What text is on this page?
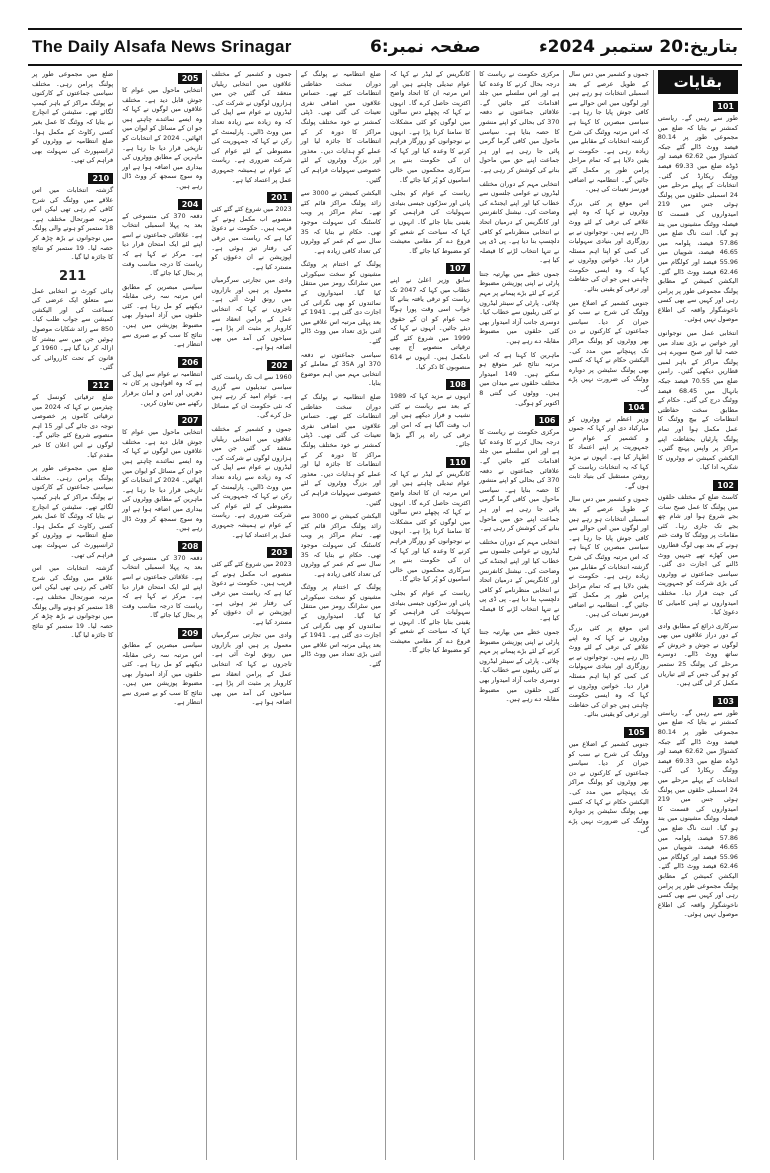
The Daily Alsafa News Srinagar	صفحہ نمبر:6	بتاریخ:20 ستمبر 2024ء
بقایات
101
طور سے رہیں گے۔ ریاستی کمشنر نے بتایا کہ ضلع میں مجموعی طور پر 80.14 فیصد ووٹ ڈالے گئے جبکہ کشتواڑ میں 62.62 فیصد اور ڈوڈہ ضلع میں 69.33 فیصد ووٹنگ ریکارڈ کی گئی۔ انتخابات کے پہلے مرحلے میں 24 اسمبلی حلقوں میں پولنگ ہوئی جس میں 219 امیدواروں کی قسمت کا فیصلہ ووٹنگ مشینوں میں بند ہو گیا۔ اننت ناگ ضلع میں 57.86 فیصد، پلوامہ میں 46.65 فیصد، شوپیاں میں 55.96 فیصد اور کولگام میں 62.46 فیصد ووٹ ڈالے گئے۔ الیکشن کمیشن کے مطابق پولنگ مجموعی طور پر پرامن رہی اور کہیں سے بھی کسی ناخوشگوار واقعہ کی اطلاع موصول نہیں ہوئی۔
انتخابی عمل میں نوجوانوں اور خواتین نے بڑی تعداد میں حصہ لیا اور صبح سویرے ہی پولنگ مراکز کے باہر لمبی قطاریں دیکھی گئیں۔ رامبن ضلع میں 70.55 فیصد جبکہ بانہال میں 68.45 فیصد ووٹنگ درج کی گئی۔ حکام کے مطابق سخت حفاظتی انتظامات کے بیچ ووٹنگ کا عمل مکمل ہوا اور تمام پولنگ پارٹیاں بحفاظت اپنے مراکز پر واپس پہنچ گئیں۔ الیکشن کمیشن نے ووٹروں کا شکریہ ادا کیا۔
102
کاسٹ ضلع کے مختلف حلقوں میں پولنگ کا عمل صبح سات بجے شروع ہوا اور شام چھ بجے تک جاری رہا۔ کئی مقامات پر ووٹنگ کا وقت ختم ہونے کے بعد بھی لوگ قطاروں میں کھڑے تھے جنہیں ووٹ ڈالنے کی اجازت دی گئی۔ سیاسی جماعتوں نے ووٹروں کی بڑی شرکت کو جمہوریت کی جیت قرار دیا۔ مختلف امیدواروں نے اپنی کامیابی کا دعویٰ کیا۔
سرکاری ذرائع کے مطابق وادی کے دور دراز علاقوں میں بھی لوگوں نے جوش و خروش کے ساتھ ووٹ ڈالے۔ دوسرے مرحلے کی پولنگ 25 ستمبر کو ہو گی جس کے لئے تیاریاں مکمل کر لی گئی ہیں۔
103
طور سے رہیں گے۔ ریاستی کمشنر نے بتایا کہ ضلع میں مجموعی طور پر 80.14 فیصد ووٹ ڈالے گئے جبکہ کشتواڑ میں 62.62 فیصد اور ڈوڈہ ضلع میں 69.33 فیصد ووٹنگ ریکارڈ کی گئی۔ انتخابات کے پہلے مرحلے میں 24 اسمبلی حلقوں میں پولنگ ہوئی جس میں 219 امیدواروں کی قسمت کا فیصلہ ووٹنگ مشینوں میں بند ہو گیا۔ اننت ناگ ضلع میں 57.86 فیصد، پلوامہ میں 46.65 فیصد، شوپیاں میں 55.96 فیصد اور کولگام میں 62.46 فیصد ووٹ ڈالے گئے۔ الیکشن کمیشن کے مطابق پولنگ مجموعی طور پر پرامن رہی اور کہیں سے بھی کسی ناخوشگوار واقعہ کی اطلاع موصول نہیں ہوئی۔
جموں و کشمیر میں دس سال کے طویل عرصے کے بعد اسمبلی انتخابات ہو رہے ہیں اور لوگوں میں اس حوالے سے کافی جوش پایا جا رہا ہے۔ سیاسی مبصرین کا کہنا ہے کہ اس مرتبہ ووٹنگ کی شرح گزشتہ انتخابات کے مقابلے میں زیادہ رہی ہے۔ حکومت نے یقین دلایا ہے کہ تمام مراحل پرامن طور پر مکمل کئے جائیں گے۔ انتظامیہ نے اضافی فورسز تعینات کی ہیں۔
اس موقع پر کئی بزرگ ووٹروں نے کہا کہ وہ اپنے علاقے کی ترقی کے لئے ووٹ ڈال رہے ہیں۔ نوجوانوں نے بے روزگاری اور بنیادی سہولیات کی کمی کو اپنا اہم مسئلہ قرار دیا۔ خواتین ووٹروں نے کہا کہ وہ ایسی حکومت چاہتی ہیں جو ان کی حفاظت اور ترقی کو یقینی بنائے۔
جنوبی کشمیر کے اضلاع میں ووٹنگ کی شرح نے سب کو حیران کر دیا۔ سیاسی جماعتوں کے کارکنوں نے دن بھر ووٹروں کو پولنگ مراکز تک پہنچانے میں مدد کی۔ الیکشن حکام نے کہا کہ کسی بھی پولنگ سٹیشن پر دوبارہ ووٹنگ کی ضرورت نہیں پڑے گی۔
104
وزیر اعظم نے ووٹروں کو مبارکباد دی اور کہا کہ جموں و کشمیر کے عوام نے جمہوریت پر اپنے اعتماد کا اظہار کیا ہے۔ انہوں نے مزید کہا کہ یہ انتخابات ریاست کے روشن مستقبل کی بنیاد ثابت ہوں گے۔
جموں و کشمیر میں دس سال کے طویل عرصے کے بعد اسمبلی انتخابات ہو رہے ہیں اور لوگوں میں اس حوالے سے کافی جوش پایا جا رہا ہے۔ سیاسی مبصرین کا کہنا ہے کہ اس مرتبہ ووٹنگ کی شرح گزشتہ انتخابات کے مقابلے میں زیادہ رہی ہے۔ حکومت نے یقین دلایا ہے کہ تمام مراحل پرامن طور پر مکمل کئے جائیں گے۔ انتظامیہ نے اضافی فورسز تعینات کی ہیں۔
اس موقع پر کئی بزرگ ووٹروں نے کہا کہ وہ اپنے علاقے کی ترقی کے لئے ووٹ ڈال رہے ہیں۔ نوجوانوں نے بے روزگاری اور بنیادی سہولیات کی کمی کو اپنا اہم مسئلہ قرار دیا۔ خواتین ووٹروں نے کہا کہ وہ ایسی حکومت چاہتی ہیں جو ان کی حفاظت اور ترقی کو یقینی بنائے۔
105
جنوبی کشمیر کے اضلاع میں ووٹنگ کی شرح نے سب کو حیران کر دیا۔ سیاسی جماعتوں کے کارکنوں نے دن بھر ووٹروں کو پولنگ مراکز تک پہنچانے میں مدد کی۔ الیکشن حکام نے کہا کہ کسی بھی پولنگ سٹیشن پر دوبارہ ووٹنگ کی ضرورت نہیں پڑے گی۔
مرکزی حکومت نے ریاست کا درجہ بحال کرنے کا وعدہ کیا ہے اور اس سلسلے میں جلد اقدامات کئے جائیں گے۔ علاقائی جماعتوں نے دفعہ 370 کی بحالی کو اپنے منشور کا حصہ بنایا ہے۔ سیاسی ماحول میں کافی گرما گرمی پائی جا رہی ہے اور ہر جماعت اپنے حق میں ماحول بنانے کی کوشش کر رہی ہے۔
انتخابی مہم کے دوران مختلف لیڈروں نے عوامی جلسوں سے خطاب کیا اور اپنے ایجنڈے کی وضاحت کی۔ نیشنل کانفرنس اور کانگریس کے درمیان اتحاد نے انتخابی منظرنامے کو کافی دلچسپ بنا دیا ہے۔ پی ڈی پی نے تنہا انتخاب لڑنے کا فیصلہ کیا ہے۔
جموں خطے میں بھارتیہ جنتا پارٹی نے اپنی پوزیشن مضبوط کرنے کے لئے بڑے پیمانے پر مہم چلائی۔ پارٹی کے سینئر لیڈروں نے کئی ریلیوں سے خطاب کیا۔ دوسری جانب آزاد امیدوار بھی کئی حلقوں میں مضبوط مقابلہ دے رہے ہیں۔
ماہرین کا کہنا ہے کہ اس مرتبہ نتائج غیر متوقع ہو سکتے ہیں۔ 149 امیدوار مختلف حلقوں سے میدان میں ہیں۔ ووٹوں کی گنتی 8 اکتوبر کو ہوگی۔
106
مرکزی حکومت نے ریاست کا درجہ بحال کرنے کا وعدہ کیا ہے اور اس سلسلے میں جلد اقدامات کئے جائیں گے۔ علاقائی جماعتوں نے دفعہ 370 کی بحالی کو اپنے منشور کا حصہ بنایا ہے۔ سیاسی ماحول میں کافی گرما گرمی پائی جا رہی ہے اور ہر جماعت اپنے حق میں ماحول بنانے کی کوشش کر رہی ہے۔
انتخابی مہم کے دوران مختلف لیڈروں نے عوامی جلسوں سے خطاب کیا اور اپنے ایجنڈے کی وضاحت کی۔ نیشنل کانفرنس اور کانگریس کے درمیان اتحاد نے انتخابی منظرنامے کو کافی دلچسپ بنا دیا ہے۔ پی ڈی پی نے تنہا انتخاب لڑنے کا فیصلہ کیا ہے۔
جموں خطے میں بھارتیہ جنتا پارٹی نے اپنی پوزیشن مضبوط کرنے کے لئے بڑے پیمانے پر مہم چلائی۔ پارٹی کے سینئر لیڈروں نے کئی ریلیوں سے خطاب کیا۔ دوسری جانب آزاد امیدوار بھی کئی حلقوں میں مضبوط مقابلہ دے رہے ہیں۔
کانگریس کے لیڈر نے کہا کہ عوام تبدیلی چاہتے ہیں اور اس مرتبہ ان کا اتحاد واضح اکثریت حاصل کرے گا۔ انہوں نے کہا کہ پچھلے دس سالوں میں لوگوں کو کئی مشکلات کا سامنا کرنا پڑا ہے۔ انہوں نے نوجوانوں کو روزگار فراہم کرنے کا وعدہ کیا اور کہا کہ ان کی حکومت بننے پر سرکاری محکموں میں خالی اسامیوں کو پُر کیا جائے گا۔
ریاست کے عوام کو بجلی، پانی اور سڑکوں جیسی بنیادی سہولیات کی فراہمی کو یقینی بنایا جائے گا۔ انہوں نے کہا کہ سیاحت کے شعبے کو فروغ دے کر مقامی معیشت کو مضبوط کیا جائے گا۔
107
سابق وزیر اعلیٰ نے اپنے خطاب میں کہا کہ 2047 تک ریاست کو ترقی یافتہ بنانے کا خواب اسی وقت پورا ہوگا جب عوام کو ان کے حقوق دیئے جائیں۔ انہوں نے کہا کہ 1999 میں شروع کئے گئے ترقیاتی منصوبے آج بھی نامکمل ہیں۔ انہوں نے 614 منصوبوں کا ذکر کیا۔
108
انہوں نے مزید کہا کہ 1989 کے بعد سے ریاست نے کئی نشیب و فراز دیکھے ہیں اور اب وقت آگیا ہے کہ امن اور ترقی کی راہ پر آگے بڑھا جائے۔
110
کانگریس کے لیڈر نے کہا کہ عوام تبدیلی چاہتے ہیں اور اس مرتبہ ان کا اتحاد واضح اکثریت حاصل کرے گا۔ انہوں نے کہا کہ پچھلے دس سالوں میں لوگوں کو کئی مشکلات کا سامنا کرنا پڑا ہے۔ انہوں نے نوجوانوں کو روزگار فراہم کرنے کا وعدہ کیا اور کہا کہ ان کی حکومت بننے پر سرکاری محکموں میں خالی اسامیوں کو پُر کیا جائے گا۔
ریاست کے عوام کو بجلی، پانی اور سڑکوں جیسی بنیادی سہولیات کی فراہمی کو یقینی بنایا جائے گا۔ انہوں نے کہا کہ سیاحت کے شعبے کو فروغ دے کر مقامی معیشت کو مضبوط کیا جائے گا۔
ضلع انتظامیہ نے پولنگ کے دوران سخت حفاظتی انتظامات کئے تھے۔ حساس علاقوں میں اضافی نفری تعینات کی گئی تھی۔ ڈپٹی کمشنر نے خود مختلف پولنگ مراکز کا دورہ کر کے انتظامات کا جائزہ لیا اور عملے کو ہدایات دیں۔ معذور اور بزرگ ووٹروں کے لئے خصوصی سہولیات فراہم کی گئیں۔
الیکشن کمیشن نے 3000 سے زائد پولنگ مراکز قائم کئے تھے۔ تمام مراکز پر ویب کاسٹنگ کی سہولت موجود تھی۔ حکام نے بتایا کہ 35 سال سے کم عمر کے ووٹروں کی تعداد کافی زیادہ ہے۔
پولنگ کے اختتام پر ووٹنگ مشینوں کو سخت سیکورٹی میں سٹرانگ رومز میں منتقل کیا گیا۔ امیدواروں کے نمائندوں کو بھی نگرانی کی اجازت دی گئی ہے۔ 1941 کے بعد پہلی مرتبہ اس علاقے میں اتنی بڑی تعداد میں ووٹ ڈالے گئے۔
سیاسی جماعتوں نے دفعہ 370 اور 35A کے معاملے کو انتخابی مہم میں اہم موضوع بنایا۔
ضلع انتظامیہ نے پولنگ کے دوران سخت حفاظتی انتظامات کئے تھے۔ حساس علاقوں میں اضافی نفری تعینات کی گئی تھی۔ ڈپٹی کمشنر نے خود مختلف پولنگ مراکز کا دورہ کر کے انتظامات کا جائزہ لیا اور عملے کو ہدایات دیں۔ معذور اور بزرگ ووٹروں کے لئے خصوصی سہولیات فراہم کی گئیں۔
الیکشن کمیشن نے 3000 سے زائد پولنگ مراکز قائم کئے تھے۔ تمام مراکز پر ویب کاسٹنگ کی سہولت موجود تھی۔ حکام نے بتایا کہ 35 سال سے کم عمر کے ووٹروں کی تعداد کافی زیادہ ہے۔
پولنگ کے اختتام پر ووٹنگ مشینوں کو سخت سیکورٹی میں سٹرانگ رومز میں منتقل کیا گیا۔ امیدواروں کے نمائندوں کو بھی نگرانی کی اجازت دی گئی ہے۔ 1941 کے بعد پہلی مرتبہ اس علاقے میں اتنی بڑی تعداد میں ووٹ ڈالے گئے۔
جموں و کشمیر کے مختلف علاقوں میں انتخابی ریلیاں منعقد کی گئیں جن میں ہزاروں لوگوں نے شرکت کی۔ لیڈروں نے عوام سے اپیل کی کہ وہ زیادہ سے زیادہ تعداد میں ووٹ ڈالیں۔ پارلیمنٹ کے رکن نے کہا کہ جمہوریت کی مضبوطی کے لئے عوام کی شرکت ضروری ہے۔ ریاست کے عوام نے ہمیشہ جمہوری عمل پر اعتماد کیا ہے۔
201
2023 میں شروع کئے گئے کئی منصوبے اب مکمل ہونے کے قریب ہیں۔ حکومت نے دعویٰ کیا ہے کہ ریاست میں ترقی کی رفتار تیز ہوئی ہے۔ اپوزیشن نے ان دعوؤں کو مسترد کیا ہے۔
وادی میں تجارتی سرگرمیاں معمول پر ہیں اور بازاروں میں رونق لوٹ آئی ہے۔ تاجروں نے کہا کہ انتخابی عمل کے پرامن انعقاد سے کاروبار پر مثبت اثر پڑا ہے۔ سیاحوں کی آمد میں بھی اضافہ ہوا ہے۔
202
1960 سے اب تک ریاست کئی سیاسی تبدیلیوں سے گزری ہے۔ عوام امید کر رہے ہیں کہ نئی حکومت ان کے مسائل حل کرے گی۔
جموں و کشمیر کے مختلف علاقوں میں انتخابی ریلیاں منعقد کی گئیں جن میں ہزاروں لوگوں نے شرکت کی۔ لیڈروں نے عوام سے اپیل کی کہ وہ زیادہ سے زیادہ تعداد میں ووٹ ڈالیں۔ پارلیمنٹ کے رکن نے کہا کہ جمہوریت کی مضبوطی کے لئے عوام کی شرکت ضروری ہے۔ ریاست کے عوام نے ہمیشہ جمہوری عمل پر اعتماد کیا ہے۔
203
2023 میں شروع کئے گئے کئی منصوبے اب مکمل ہونے کے قریب ہیں۔ حکومت نے دعویٰ کیا ہے کہ ریاست میں ترقی کی رفتار تیز ہوئی ہے۔ اپوزیشن نے ان دعوؤں کو مسترد کیا ہے۔
وادی میں تجارتی سرگرمیاں معمول پر ہیں اور بازاروں میں رونق لوٹ آئی ہے۔ تاجروں نے کہا کہ انتخابی عمل کے پرامن انعقاد سے کاروبار پر مثبت اثر پڑا ہے۔ سیاحوں کی آمد میں بھی اضافہ ہوا ہے۔
205
انتخابی ماحول میں عوام کا جوش قابل دید ہے۔ مختلف علاقوں میں لوگوں نے کہا کہ وہ ایسے نمائندے چاہتے ہیں جو ان کے مسائل کو ایوان میں اٹھائیں۔ 2024 کے انتخابات کو تاریخی قرار دیا جا رہا ہے۔ ماہرین کے مطابق ووٹروں کی بیداری میں اضافہ ہوا ہے اور وہ سوچ سمجھ کر ووٹ ڈال رہے ہیں۔
204
دفعہ 370 کی منسوخی کے بعد یہ پہلا اسمبلی انتخاب ہے۔ علاقائی جماعتوں نے اسے اپنے لئے ایک امتحان قرار دیا ہے۔ مرکز نے کہا ہے کہ ریاست کا درجہ مناسب وقت پر بحال کیا جائے گا۔
سیاسی مبصرین کے مطابق اس مرتبہ سہ رخی مقابلہ دیکھنے کو مل رہا ہے۔ کئی حلقوں میں آزاد امیدوار بھی مضبوط پوزیشن میں ہیں۔ نتائج کا سب کو بے صبری سے انتظار ہے۔
206
انتظامیہ نے عوام سے اپیل کی ہے کہ وہ افواہوں پر کان نہ دھریں اور امن و امان برقرار رکھنے میں تعاون کریں۔
207
انتخابی ماحول میں عوام کا جوش قابل دید ہے۔ مختلف علاقوں میں لوگوں نے کہا کہ وہ ایسے نمائندے چاہتے ہیں جو ان کے مسائل کو ایوان میں اٹھائیں۔ 2024 کے انتخابات کو تاریخی قرار دیا جا رہا ہے۔ ماہرین کے مطابق ووٹروں کی بیداری میں اضافہ ہوا ہے اور وہ سوچ سمجھ کر ووٹ ڈال رہے ہیں۔
208
دفعہ 370 کی منسوخی کے بعد یہ پہلا اسمبلی انتخاب ہے۔ علاقائی جماعتوں نے اسے اپنے لئے ایک امتحان قرار دیا ہے۔ مرکز نے کہا ہے کہ ریاست کا درجہ مناسب وقت پر بحال کیا جائے گا۔
209
سیاسی مبصرین کے مطابق اس مرتبہ سہ رخی مقابلہ دیکھنے کو مل رہا ہے۔ کئی حلقوں میں آزاد امیدوار بھی مضبوط پوزیشن میں ہیں۔ نتائج کا سب کو بے صبری سے انتظار ہے۔
ضلع میں مجموعی طور پر پولنگ پرامن رہی۔ مختلف سیاسی جماعتوں کے کارکنوں نے پولنگ مراکز کے باہر کیمپ لگائے تھے۔ سٹیشن کے انچارج نے بتایا کہ ووٹنگ کا عمل بغیر کسی رکاوٹ کے مکمل ہوا۔ ضلع انتظامیہ نے ووٹروں کو ٹرانسپورٹ کی سہولت بھی فراہم کی تھی۔
210
گزشتہ انتخابات میں اس علاقے میں ووٹنگ کی شرح کافی کم رہی تھی لیکن اس مرتبہ صورتحال مختلف ہے۔ 18 ستمبر کو ہونے والی پولنگ میں نوجوانوں نے بڑھ چڑھ کر حصہ لیا۔ 19 ستمبر کو نتائج کا جائزہ لیا گیا۔
211
ہائی کورٹ نے انتخابی عمل سے متعلق ایک عرضی کی سماعت کی اور الیکشن کمیشن سے جواب طلب کیا۔ 850 سے زائد شکایات موصول ہوئیں جن میں سے بیشتر کا ازالہ کر دیا گیا ہے۔ 1960 کے قانون کے تحت کارروائی کی گئی۔
212
ضلع ترقیاتی کونسل کے چیئرمین نے کہا کہ 2024 میں ترقیاتی کاموں پر خصوصی توجہ دی جائے گی اور 15 اہم منصوبے شروع کئے جائیں گے۔ لوگوں نے اس اعلان کا خیر مقدم کیا۔
ضلع میں مجموعی طور پر پولنگ پرامن رہی۔ مختلف سیاسی جماعتوں کے کارکنوں نے پولنگ مراکز کے باہر کیمپ لگائے تھے۔ سٹیشن کے انچارج نے بتایا کہ ووٹنگ کا عمل بغیر کسی رکاوٹ کے مکمل ہوا۔ ضلع انتظامیہ نے ووٹروں کو ٹرانسپورٹ کی سہولت بھی فراہم کی تھی۔
گزشتہ انتخابات میں اس علاقے میں ووٹنگ کی شرح کافی کم رہی تھی لیکن اس مرتبہ صورتحال مختلف ہے۔ 18 ستمبر کو ہونے والی پولنگ میں نوجوانوں نے بڑھ چڑھ کر حصہ لیا۔ 19 ستمبر کو نتائج کا جائزہ لیا گیا۔
